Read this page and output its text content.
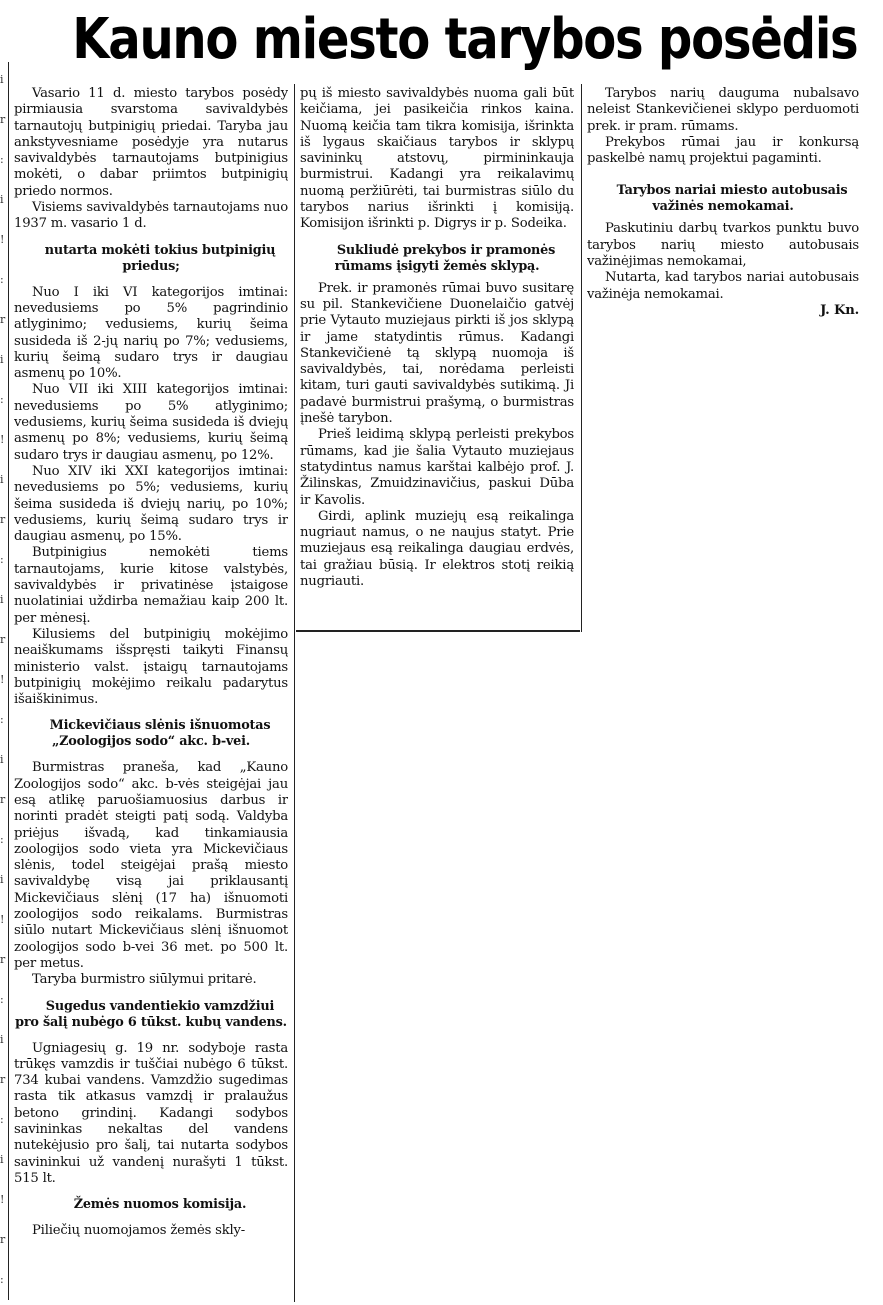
Kauno miesto tarybos posėdis
i
r
:
i
!
:
r
i
:
!
i
r
:
i
r
!
:
i
r
:
i
!
r
:
i
r
:
i
!
r
:

Vasario 11 d. miesto tarybos posėdy pirmiausia svarstoma savivaldybės tarnautojų butpinigių priedai. Taryba jau ankstyvesniame posėdyje yra nutarus savivaldybės tarnautojams butpinigius mokėti, o dabar priimtos butpinigių priedo normos.

Visiems savivaldybės tarnautojams nuo 1937 m. vasario 1 d.

nutarta mokėti tokius butpinigių priedus;

Nuo I iki VI kategorijos imtinai: nevedusiems po 5% pagrindinio atlyginimo; vedusiems, kurių šeima susideda iš 2-jų narių po 7%; vedusiems, kurių šeimą sudaro trys ir daugiau asmenų po 10%.

Nuo VII iki XIII kategorijos imtinai: nevedusiems po 5% atlyginimo; vedusiems, kurių šeima susideda iš dviejų asmenų po 8%; vedusiems, kurių šeimą sudaro trys ir daugiau asmenų, po 12%.

Nuo XIV iki XXI kategorijos imtinai: nevedusiems po 5%; vedusiems, kurių šeima susideda iš dviejų narių, po 10%; vedusiems, kurių šeimą sudaro trys ir daugiau asmenų, po 15%.

Butpinigius nemokėti tiems tarnautojams, kurie kitose valstybės, savivaldybės ir privatinėse įstaigose nuolatiniai uždirba nemažiau kaip 200 lt. per mėnesį.

Kilusiems del butpinigių mokėjimo neaiškumams išspręsti taikyti Finansų ministerio valst. įstaigų tarnautojams butpinigių mokėjimo reikalu padarytus išaiškinimus.

Mickevičiaus slėnis išnuomotas „Zoologijos sodo“ akc. b-vei.

Burmistras praneša, kad „Kauno Zoologijos sodo“ akc. b-vės steigėjai jau esą atlikę paruošiamuosius darbus ir norinti pradėt steigti patį sodą. Valdyba priėjus išvadą, kad tinkamiausia zoologijos sodo vieta yra Mickevičiaus slėnis, todel steigėjai prašą miesto savivaldybę visą jai priklausantį Mickevičiaus slėnį (17 ha) išnuomoti zoologijos sodo reikalams. Burmistras siūlo nutart Mickevičiaus slėnį išnuomot zoologijos sodo b-vei 36 met. po 500 lt. per metus.

Taryba burmistro siūlymui pritarė.

Sugedus vandentiekio vamzdžiui pro šalį nubėgo 6 tūkst. kubų vandens.

Ugniagesių g. 19 nr. sodyboje rasta trūkęs vamzdis ir tuščiai nubėgo 6 tūkst. 734 kubai vandens. Vamzdžio sugedimas rasta tik atkasus vamzdį ir pralaužus betono grindinį. Kadangi sodybos savininkas nekaltas del vandens nutekėjusio pro šalį, tai nutarta sodybos savininkui už vandenį nurašyti 1 tūkst. 515 lt.

Žemės nuomos komisija.

Piliečių nuomojamos žemės skly-

pų iš miesto savivaldybės nuoma gali būt keičiama, jei pasikeičia rinkos kaina. Nuomą keičia tam tikra komisija, išrinkta iš lygaus skaičiaus tarybos ir sklypų savininkų atstovų, pirmininkauja burmistrui. Kadangi yra reikalavimų nuomą peržiūrėti, tai burmistras siūlo du tarybos narius išrinkti į komisiją. Komisijon išrinkti p. Digrys ir p. Sodeika.

Sukliudė prekybos ir pramonės rūmams įsigyti žemės sklypą.

Prek. ir pramonės rūmai buvo susitarę su pil. Stankevičiene Duonelaičio gatvėj prie Vytauto muziejaus pirkti iš jos sklypą ir jame statydintis rūmus. Kadangi Stankevičienė tą sklypą nuomoja iš savivaldybės, tai, norėdama perleisti kitam, turi gauti savivaldybės sutikimą. Ji padavė burmistrui prašymą, o burmistras įnešė tarybon.

Prieš leidimą sklypą perleisti prekybos rūmams, kad jie šalia Vytauto muziejaus statydintus namus karštai kalbėjo prof. J. Žilinskas, Zmuidzinavičius, paskui Dūba ir Kavolis.

Girdi, aplink muziejų esą reikalinga nugriaut namus, o ne naujus statyt. Prie muziejaus esą reikalinga daugiau erdvės, tai gražiau būsią. Ir elektros stotį reikią nugriauti.

Tarybos narių dauguma nubalsavo neleist Stankevičienei sklypo perduomoti prek. ir pram. rūmams.

Prekybos rūmai jau ir konkursą paskelbė namų projektui pagaminti.

Tarybos nariai miesto autobusais važinės nemokamai.

Paskutiniu darbų tvarkos punktu buvo tarybos narių miesto autobusais važinėjimas nemokamai,

Nutarta, kad tarybos nariai autobusais važinėja nemokamai.

J. Kn.
